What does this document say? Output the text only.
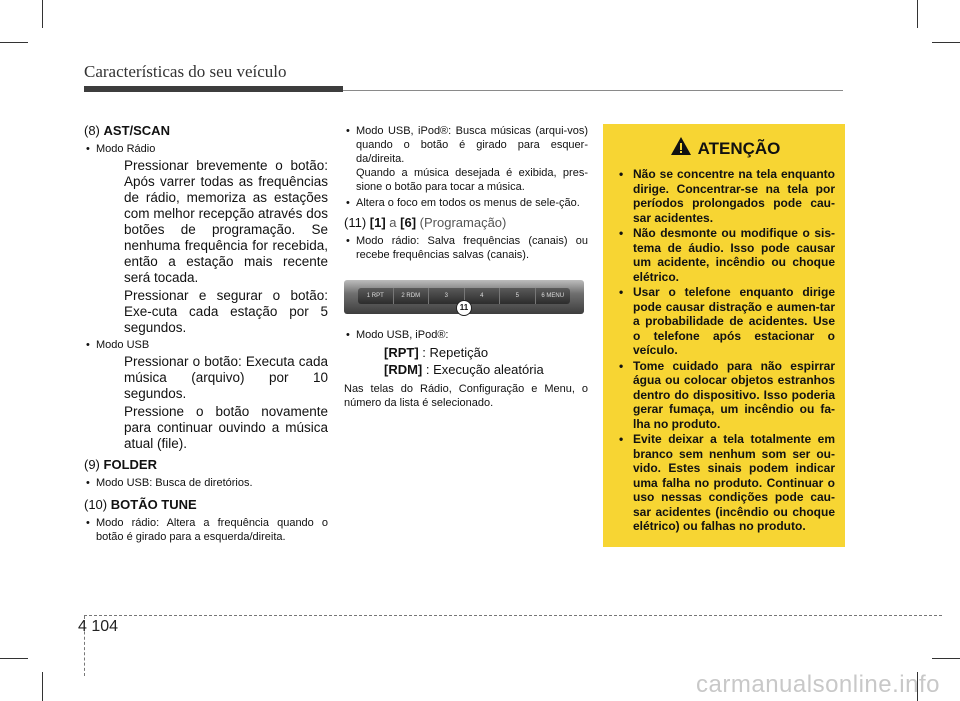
Características do seu veículo
(8) AST/SCAN
• Modo Rádio
Pressionar brevemente o botão: Após varrer todas as frequências de rádio, memoriza as estações com melhor recepção através dos botões de programação. Se nenhuma frequência for recebida, então a estação mais recente será tocada.
Pressionar e segurar o botão: Exe-cuta cada estação por 5 segundos.
• Modo USB
Pressionar o botão: Executa cada música (arquivo) por 10 segundos.
Pressione o botão novamente para continuar ouvindo a música atual (file).
(9) FOLDER
• Modo USB: Busca de diretórios.
(10) BOTÃO TUNE
• Modo rádio: Altera a frequência quando o botão é girado para a esquerda/direita.
• Modo USB, iPod®: Busca músicas (arqui-vos) quando o botão é girado para esquer-da/direita.
Quando a música desejada é exibida, pres-sione o botão para tocar a música.
• Altera o foco em todos os menus de sele-ção.
(11) [1] a [6] (Programação)
• Modo rádio: Salva frequências (canais) ou recebe frequências salvas (canais).
1 RPT	2 RDM	3	4	5	6 MENU
11
• Modo USB, iPod®:
[RPT] : Repetição
[RDM] : Execução aleatória
Nas telas do Rádio, Configuração e Menu, o número da lista é selecionado.
ATENÇÃO
• Não se concentre na tela enquanto dirige. Concentrar-se na tela por períodos prolongados pode cau-sar acidentes.
• Não desmonte ou modifique o sis-tema de áudio. Isso pode causar um acidente, incêndio ou choque elétrico.
• Usar o telefone enquanto dirige pode causar distração e aumen-tar a probabilidade de acidentes. Use o telefone após estacionar o veículo.
• Tome cuidado para não espirrar água ou colocar objetos estranhos dentro do dispositivo. Isso poderia gerar fumaça, um incêndio ou fa-lha no produto.
• Evite deixar a tela totalmente em branco sem nenhum som ser ou-vido. Estes sinais podem indicar uma falha no produto. Continuar o uso nessas condições pode cau-sar acidentes (incêndio ou choque elétrico) ou falhas no produto.
4 104
carmanualsonline.info
